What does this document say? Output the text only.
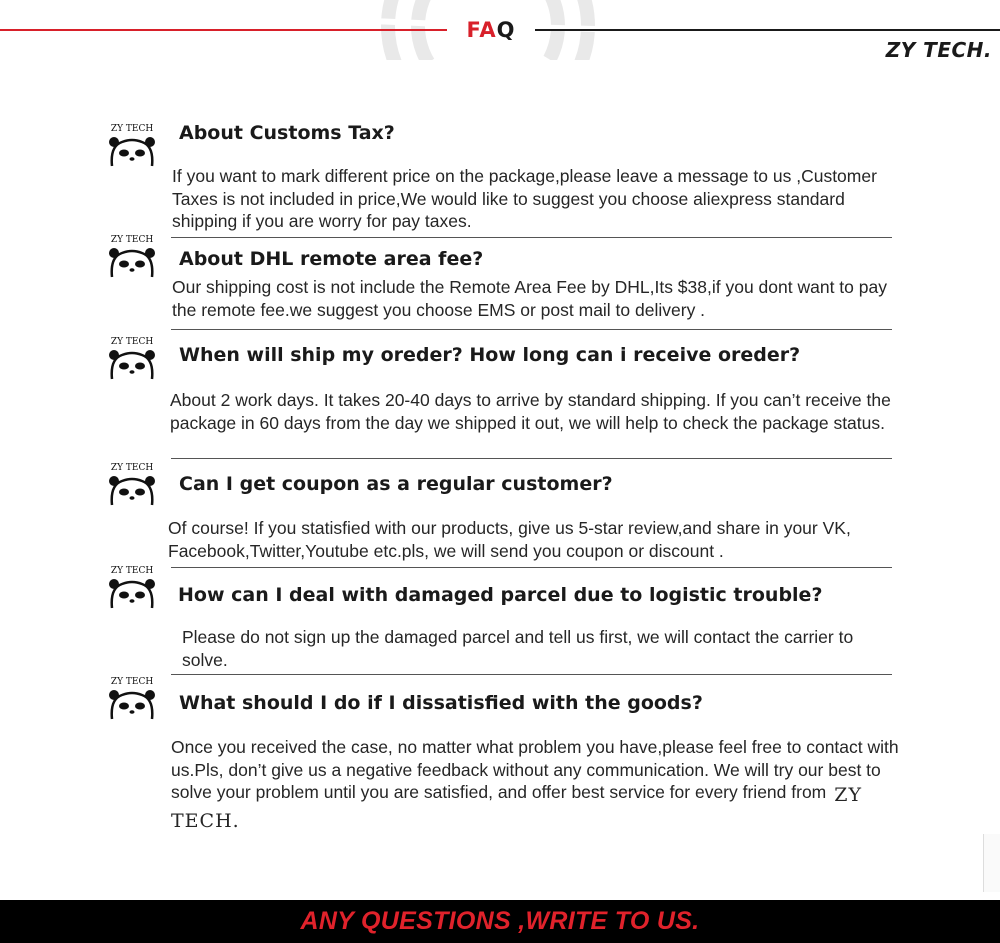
FA Q
ZY TECH.
ZY TECH About Customs Tax?

If you want to mark different price on the package,please leave a message to us ,Customer Taxes is not included in price,We would like to suggest you choose aliexpress standard shipping if you are worry for pay taxes.

ZY TECH
About DHL remote area fee?

Our shipping cost is not include the Remote Area Fee by DHL,Its $38,if you dont want to pay the remote fee.we suggest you choose EMS or post mail to delivery .

ZY TECH
When will ship my oreder? How long can i receive oreder?

About 2 work days. It takes 20-40 days to arrive by standard shipping. If you can’t receive the package in 60 days from the day we shipped it out, we will help to check the package status.

ZY TECH
Can I get coupon as a regular customer?

Of course! If you statisfied with our products, give us 5-star review,and share in your VK, Facebook,Twitter,Youtube etc.pls, we will send you coupon or discount .

ZY TECH
How can I deal with damaged parcel due to logistic trouble?

Please do not sign up the damaged parcel and tell us first, we will contact the carrier to solve.

ZY TECH
What should I do if I dissatisfied with the goods?

Once you received the case, no matter what problem you have,please feel free to contact with us.Pls, don’t give us a negative feedback without any communication. We will try our best to solve your problem until you are satisfied, and offer best service for every friend from ZY TECH.

ANY QUESTIONS ,WRITE TO US.
